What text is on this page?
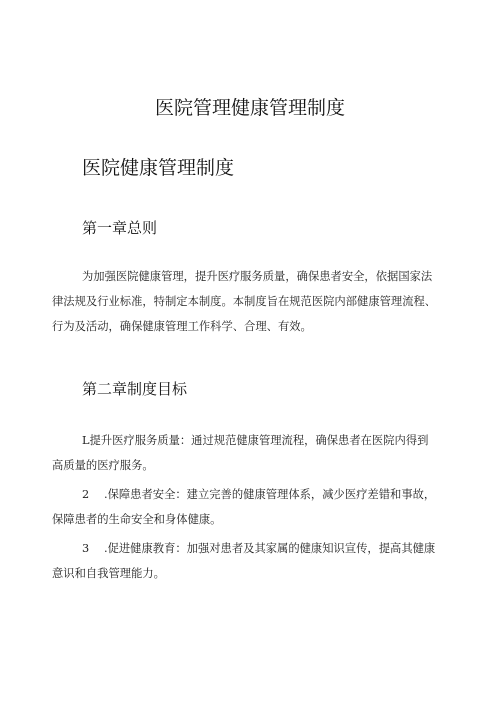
医院管理健康管理制度
医院健康管理制度
第一章总则
为加强医院健康管理，提升医疗服务质量，确保患者安全，依据国家法
律法规及行业标准，特制定本制度。本制度旨在规范医院内部健康管理流程、
行为及活动，确保健康管理工作科学、合理、有效。
第二章制度目标
L提升医疗服务质量：通过规范健康管理流程，确保患者在医院内得到
高质量的医疗服务。
2 .保障患者安全：建立完善的健康管理体系，减少医疗差错和事故，
保障患者的生命安全和身体健康。
3 .促进健康教育：加强对患者及其家属的健康知识宣传，提高其健康
意识和自我管理能力。
